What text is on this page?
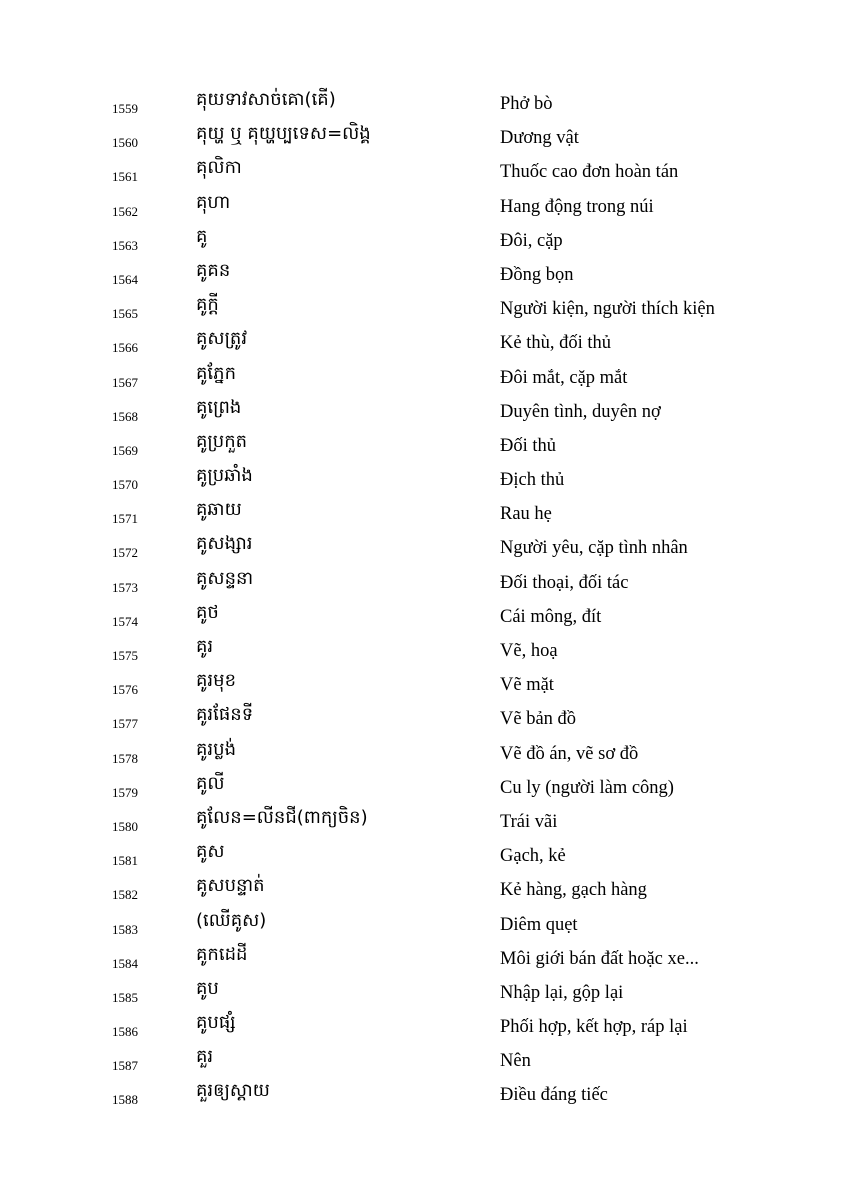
1559	គុយទាវសាច់គោ(គើ)	Phở bò
1560	គុយ្ហ ឬ គុយ្ហប្បទេស=លិង្គ	Dương vật
1561	គុលិកា	Thuốc cao đơn hoàn tán
1562	គុហា	Hang động trong núi
1563	គូ	Đôi, cặp
1564	គូគន	Đồng bọn
1565	គូក្ដី	Người kiện, người thích kiện
1566	គូសត្រូវ	Kẻ thù, đối thủ
1567	គូភ្នែក	Đôi mắt, cặp mắt
1568	គូព្រេង	Duyên tình, duyên nợ
1569	គូប្រកួត	Đối thủ
1570	គូប្រឆាំង	Địch thủ
1571	គូឆាយ	Rau hẹ
1572	គូសង្សារ	Người yêu, cặp tình nhân
1573	គូសន្ទនា	Đối thoại, đối tác
1574	គូថ	Cái mông, đít
1575	គូរ	Vẽ, hoạ
1576	គូរមុខ	Vẽ mặt
1577	គូរផែនទី	Vẽ bản đồ
1578	គូរប្លង់	Vẽ đồ án, vẽ sơ đồ
1579	គូលី	Cu ly (người làm công)
1580	គូលែន=លីនជី(ពាក្យចិន)	Trái vãi
1581	គូស	Gạch, kẻ
1582	គូសបន្ទាត់	Kẻ hàng, gạch hàng
1583	(ឈើគូស)	Diêm quẹt
1584	គូកដេដី	Môi giới bán đất hoặc xe...
1585	គូប	Nhập lại, gộp lại
1586	គូបផ្សំ	Phối hợp, kết hợp, ráp lại
1587	គួរ	Nên
1588	គួរឲ្យស្ដាយ	Điều đáng tiếc
